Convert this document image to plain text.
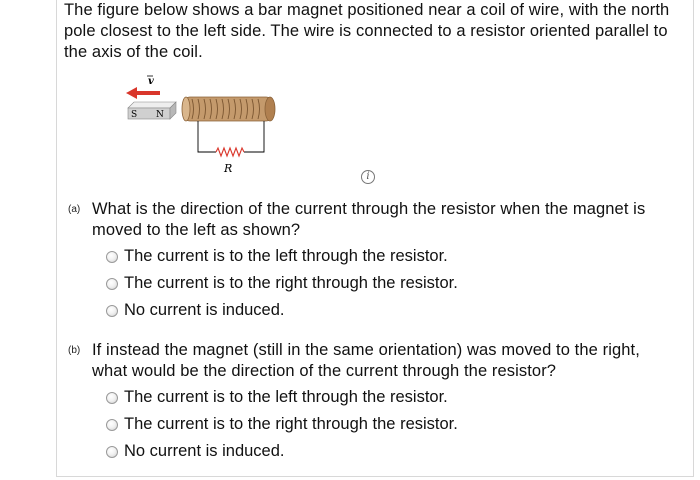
The figure below shows a bar magnet positioned near a coil of wire, with the north pole closest to the left side. The wire is connected to a resistor oriented parallel to the axis of the coil.
v
S N
R
i
(a) What is the direction of the current through the resistor when the magnet is moved to the left as shown?
The current is to the left through the resistor.
The current is to the right through the resistor.
No current is induced.
(b) If instead the magnet (still in the same orientation) was moved to the right, what would be the direction of the current through the resistor?
The current is to the left through the resistor.
The current is to the right through the resistor.
No current is induced.
